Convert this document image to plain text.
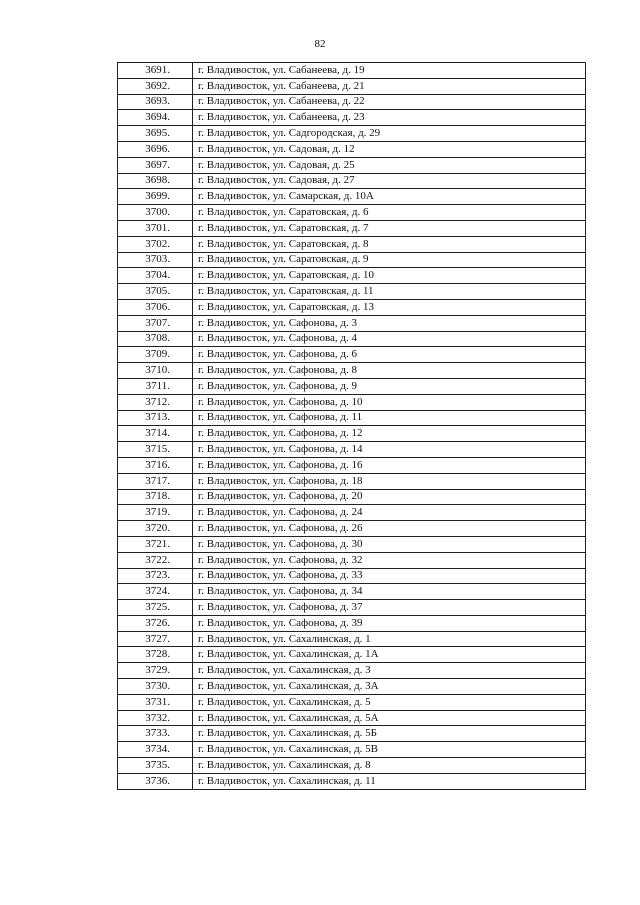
82
3691.	г. Владивосток, ул. Сабанеева, д. 19
3692.	г. Владивосток, ул. Сабанеева, д. 21
3693.	г. Владивосток, ул. Сабанеева, д. 22
3694.	г. Владивосток, ул. Сабанеева, д. 23
3695.	г. Владивосток, ул. Садгородская, д. 29
3696.	г. Владивосток, ул. Садовая, д. 12
3697.	г. Владивосток, ул. Садовая, д. 25
3698.	г. Владивосток, ул. Садовая, д. 27
3699.	г. Владивосток, ул. Самарская, д. 10А
3700.	г. Владивосток, ул. Саратовская, д. 6
3701.	г. Владивосток, ул. Саратовская, д. 7
3702.	г. Владивосток, ул. Саратовская, д. 8
3703.	г. Владивосток, ул. Саратовская, д. 9
3704.	г. Владивосток, ул. Саратовская, д. 10
3705.	г. Владивосток, ул. Саратовская, д. 11
3706.	г. Владивосток, ул. Саратовская, д. 13
3707.	г. Владивосток, ул. Сафонова, д. 3
3708.	г. Владивосток, ул. Сафонова, д. 4
3709.	г. Владивосток, ул. Сафонова, д. 6
3710.	г. Владивосток, ул. Сафонова, д. 8
3711.	г. Владивосток, ул. Сафонова, д. 9
3712.	г. Владивосток, ул. Сафонова, д. 10
3713.	г. Владивосток, ул. Сафонова, д. 11
3714.	г. Владивосток, ул. Сафонова, д. 12
3715.	г. Владивосток, ул. Сафонова, д. 14
3716.	г. Владивосток, ул. Сафонова, д. 16
3717.	г. Владивосток, ул. Сафонова, д. 18
3718.	г. Владивосток, ул. Сафонова, д. 20
3719.	г. Владивосток, ул. Сафонова, д. 24
3720.	г. Владивосток, ул. Сафонова, д. 26
3721.	г. Владивосток, ул. Сафонова, д. 30
3722.	г. Владивосток, ул. Сафонова, д. 32
3723.	г. Владивосток, ул. Сафонова, д. 33
3724.	г. Владивосток, ул. Сафонова, д. 34
3725.	г. Владивосток, ул. Сафонова, д. 37
3726.	г. Владивосток, ул. Сафонова, д. 39
3727.	г. Владивосток, ул. Сахалинская, д. 1
3728.	г. Владивосток, ул. Сахалинская, д. 1А
3729.	г. Владивосток, ул. Сахалинская, д. 3
3730.	г. Владивосток, ул. Сахалинская, д. 3А
3731.	г. Владивосток, ул. Сахалинская, д. 5
3732.	г. Владивосток, ул. Сахалинская, д. 5А
3733.	г. Владивосток, ул. Сахалинская, д. 5Б
3734.	г. Владивосток, ул. Сахалинская, д. 5В
3735.	г. Владивосток, ул. Сахалинская, д. 8
3736.	г. Владивосток, ул. Сахалинская, д. 11
